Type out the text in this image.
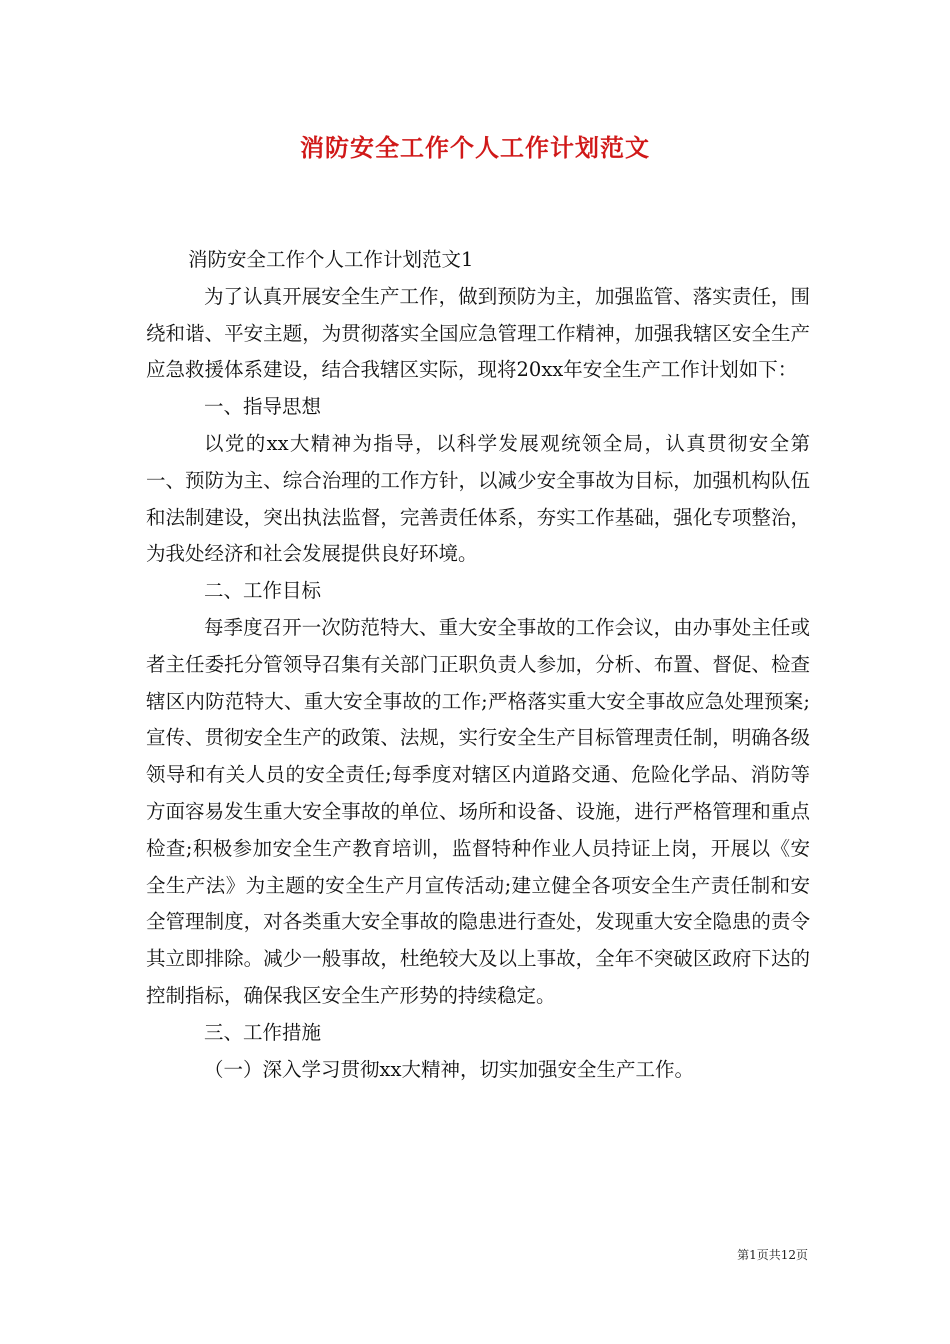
消防安全工作个人工作计划范文

消防安全工作个人工作计划范文1

为了认真开展安全生产工作，做到预防为主，加强监管、落实责任，围绕和谐、平安主题，为贯彻落实全国应急管理工作精神，加强我辖区安全生产应急救援体系建设，结合我辖区实际，现将20xx年安全生产工作计划如下：

一、指导思想

以党的xx大精神为指导，以科学发展观统领全局，认真贯彻安全第一、预防为主、综合治理的工作方针，以减少安全事故为目标，加强机构队伍和法制建设，突出执法监督，完善责任体系，夯实工作基础，强化专项整治，为我处经济和社会发展提供良好环境。

二、工作目标

每季度召开一次防范特大、重大安全事故的工作会议，由办事处主任或者主任委托分管领导召集有关部门正职负责人参加，分析、布置、督促、检查辖区内防范特大、重大安全事故的工作;严格落实重大安全事故应急处理预案;宣传、贯彻安全生产的政策、法规，实行安全生产目标管理责任制，明确各级领导和有关人员的安全责任;每季度对辖区内道路交通、危险化学品、消防等方面容易发生重大安全事故的单位、场所和设备、设施，进行严格管理和重点检查;积极参加安全生产教育培训，监督特种作业人员持证上岗，开展以《安全生产法》为主题的安全生产月宣传活动;建立健全各项安全生产责任制和安全管理制度，对各类重大安全事故的隐患进行查处，发现重大安全隐患的责令其立即排除。减少一般事故，杜绝较大及以上事故，全年不突破区政府下达的控制指标，确保我区安全生产形势的持续稳定。

三、工作措施

（一）深入学习贯彻xx大精神，切实加强安全生产工作。

第1页共12页
